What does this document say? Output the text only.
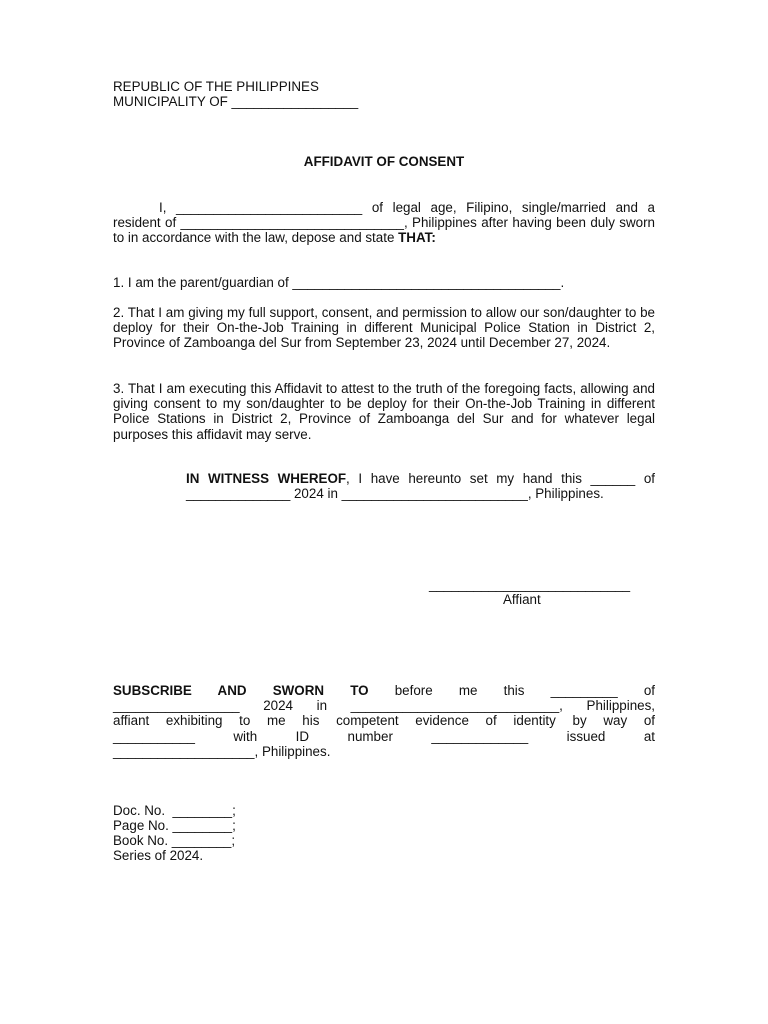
REPUBLIC OF THE PHILIPPINES
MUNICIPALITY OF _________________
AFFIDAVIT OF CONSENT

I, _________________________ of legal age, Filipino, single/married and a resident of ______________________________, Philippines after having been duly sworn to in accordance with the law, depose and state THAT:

1. I am the parent/guardian of ____________________________________.

2. That I am giving my full support, consent, and permission to allow our son/daughter to be deploy for their On-the-Job Training in different Municipal Police Station in District 2, Province of Zamboanga del Sur from September 23, 2024 until December 27, 2024.

3. That I am executing this Affidavit to attest to the truth of the foregoing facts, allowing and giving consent to my son/daughter to be deploy for their On-the-Job Training in different Police Stations in District 2, Province of Zamboanga del Sur and for whatever legal purposes this affidavit may serve.

IN WITNESS WHEREOF, I have hereunto set my hand this ______ of ______________ 2024 in _________________________, Philippines.

___________________________
Affiant
SUBSCRIBE AND SWORN TO before me this _________ of
_________________ 2024 in ____________________________, Philippines,
affiant exhibiting to me his competent evidence of identity by way of
___________ with ID number _____________ issued at
___________________, Philippines.
Doc. No.  ________;
Page No. ________;
Book No. ________;
Series of 2024.
